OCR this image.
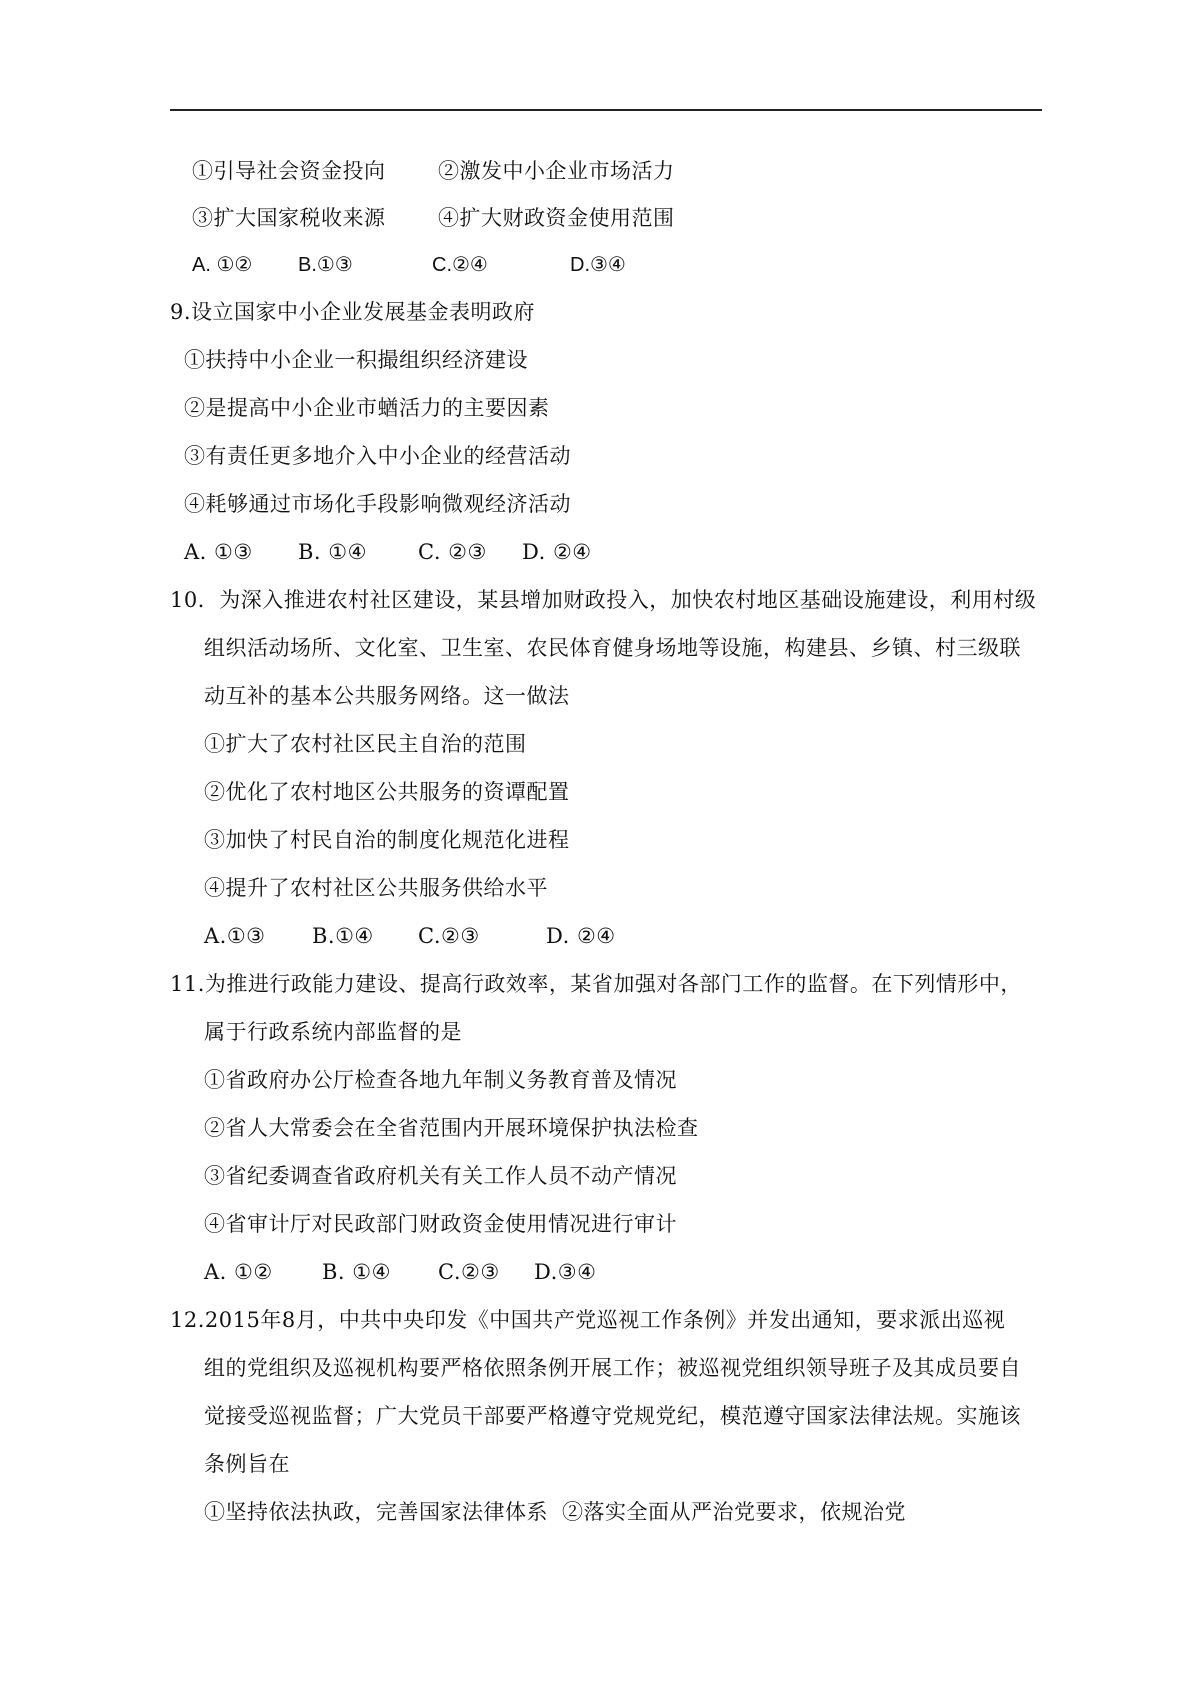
①引导社会资金投向	②激发中小企业市场活力
③扩大国家税收来源	④扩大财政资金使用范围
A. ①② B.①③	C.②④	D.③④
9.设立国家中小企业发展基金表明政府
①扶持中小企业一积撮组织经济建设
②是提高中小企业市蝤活力的主要因素
③有责任更多地介入中小企业的经营活动
④耗够通过市场化手段影响微观经济活动
A. ①③ B. ①④ C. ②③ D. ②④
10．为深入推进农村社区建设，某县增加财政投入，加快农村地区基础设施建设，利用村级
组织活动场所、文化室、卫生室、农民体育健身场地等设施，构建县、乡镇、村三级联
动互补的基本公共服务网络。这一做法
①扩大了农村社区民主自治的范围
②优化了农村地区公共服务的资谭配置
③加快了村民自治的制度化规范化进程
④提升了农村社区公共服务供给水平
A.①③ B.①④ C.②③	D. ②④
11.为推进行政能力建设、提高行政效率，某省加强对各部门工作的监督。在下列情形中，
属于行政系统内部监督的是
①省政府办公厅检查各地九年制义务教育普及情况
②省人大常委会在全省范围内开展环境保护执法检查
③省纪委调查省政府机关有关工作人员不动产情况
④省审计厅对民政部门财政资金使用情况进行审计
A. ①② B. ①④ C.②③ D.③④
12.2015年8月，中共中央印发《中国共产党巡视工作条例》并发出通知，要求派出巡视
组的党组织及巡视机构要严格依照条例开展工作；被巡视党组织领导班子及其成员要自
觉接受巡视监督；广大党员干部要严格遵守党规党纪，模范遵守国家法律法规。实施该
条例旨在
①坚持依法执政，完善国家法律体系 ②落实全面从严治党要求，依规治党
